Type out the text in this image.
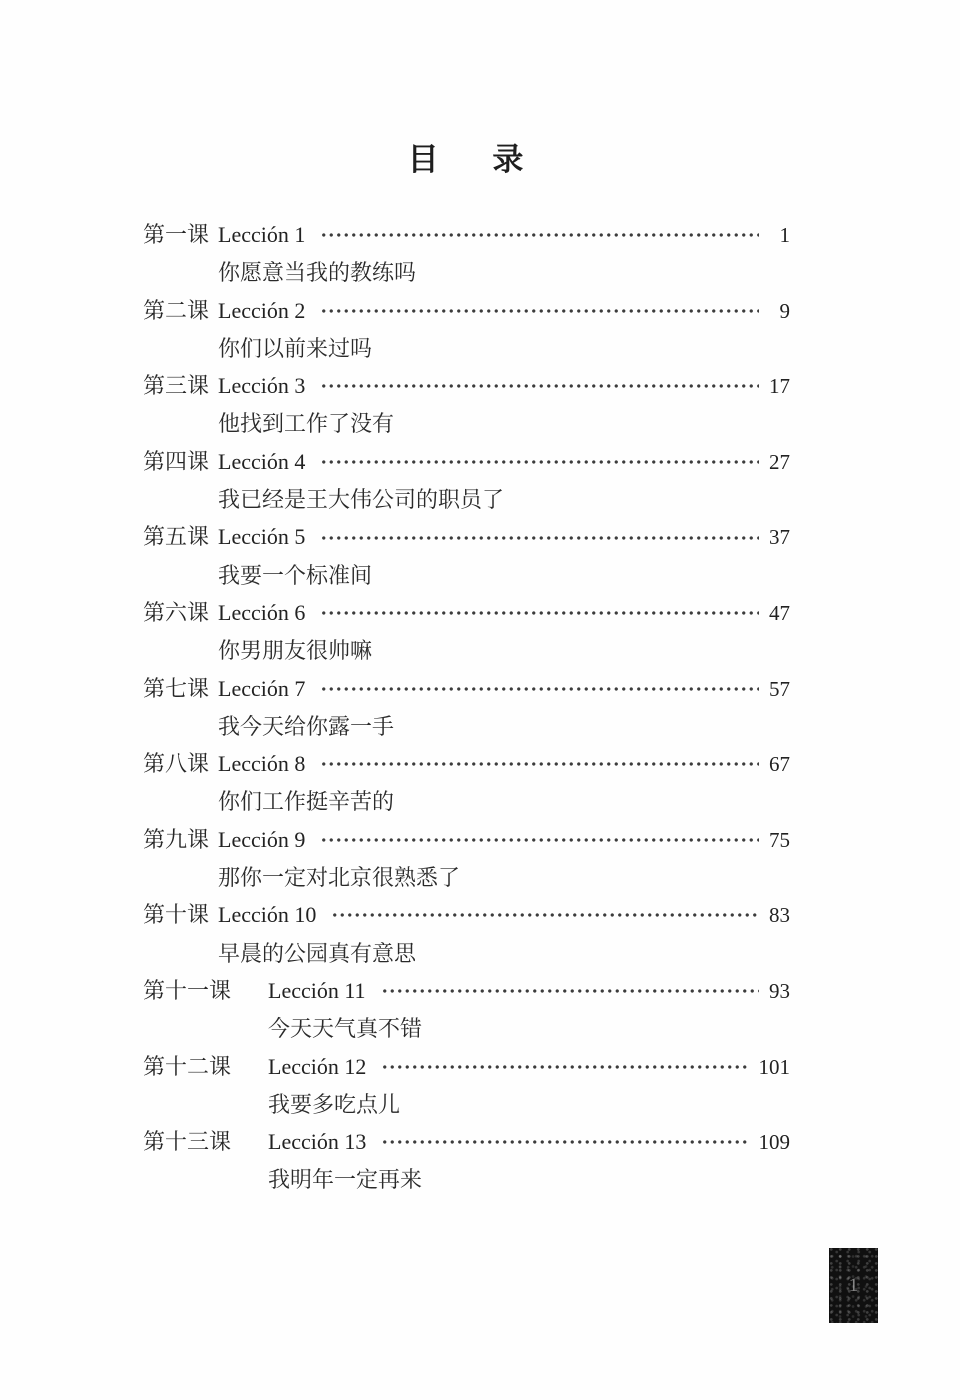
目 录
第一课 Lección 1	1
你愿意当我的教练吗
第二课 Lección 2	9
你们以前来过吗
第三课 Lección 3	17
他找到工作了没有
第四课 Lección 4	27
我已经是王大伟公司的职员了
第五课 Lección 5	37
我要一个标准间
第六课 Lección 6	47
你男朋友很帅嘛
第七课 Lección 7	57
我今天给你露一手
第八课 Lección 8	67
你们工作挺辛苦的
第九课 Lección 9	75
那你一定对北京很熟悉了
第十课 Lección 10	83
早晨的公园真有意思
第十一课	Lección 11	93
今天天气真不错
第十二课	Lección 12	101
我要多吃点儿
第十三课	Lección 13	109
我明年一定再来
1
